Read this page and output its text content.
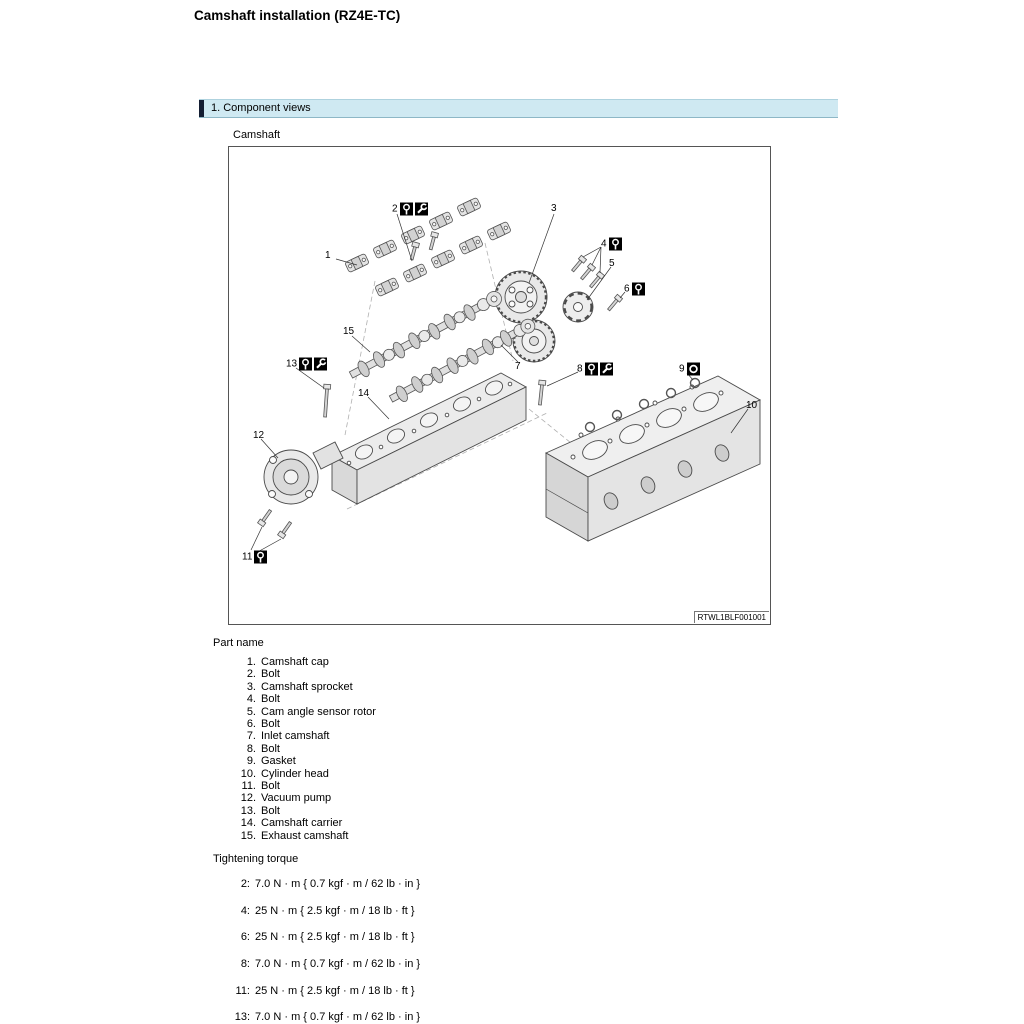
Camshaft installation (RZ4E-TC)
1. Component views
Camshaft
RTWL1BLF001001
1
2	3
4
5
6
7	8	9
10
11
12
13
14
15
Part name
1. Camshaft cap
2. Bolt
3. Camshaft sprocket
4. Bolt
5. Cam angle sensor rotor
6. Bolt
7. Inlet camshaft
8. Bolt
9. Gasket
10. Cylinder head
11. Bolt
12. Vacuum pump
13. Bolt
14. Camshaft carrier
15. Exhaust camshaft
Tightening torque
2: 7.0 N · m { 0.7 kgf · m / 62 lb · in }
4: 25 N · m { 2.5 kgf · m / 18 lb · ft }
6: 25 N · m { 2.5 kgf · m / 18 lb · ft }
8: 7.0 N · m { 0.7 kgf · m / 62 lb · in }
11: 25 N · m { 2.5 kgf · m / 18 lb · ft }
13: 7.0 N · m { 0.7 kgf · m / 62 lb · in }
